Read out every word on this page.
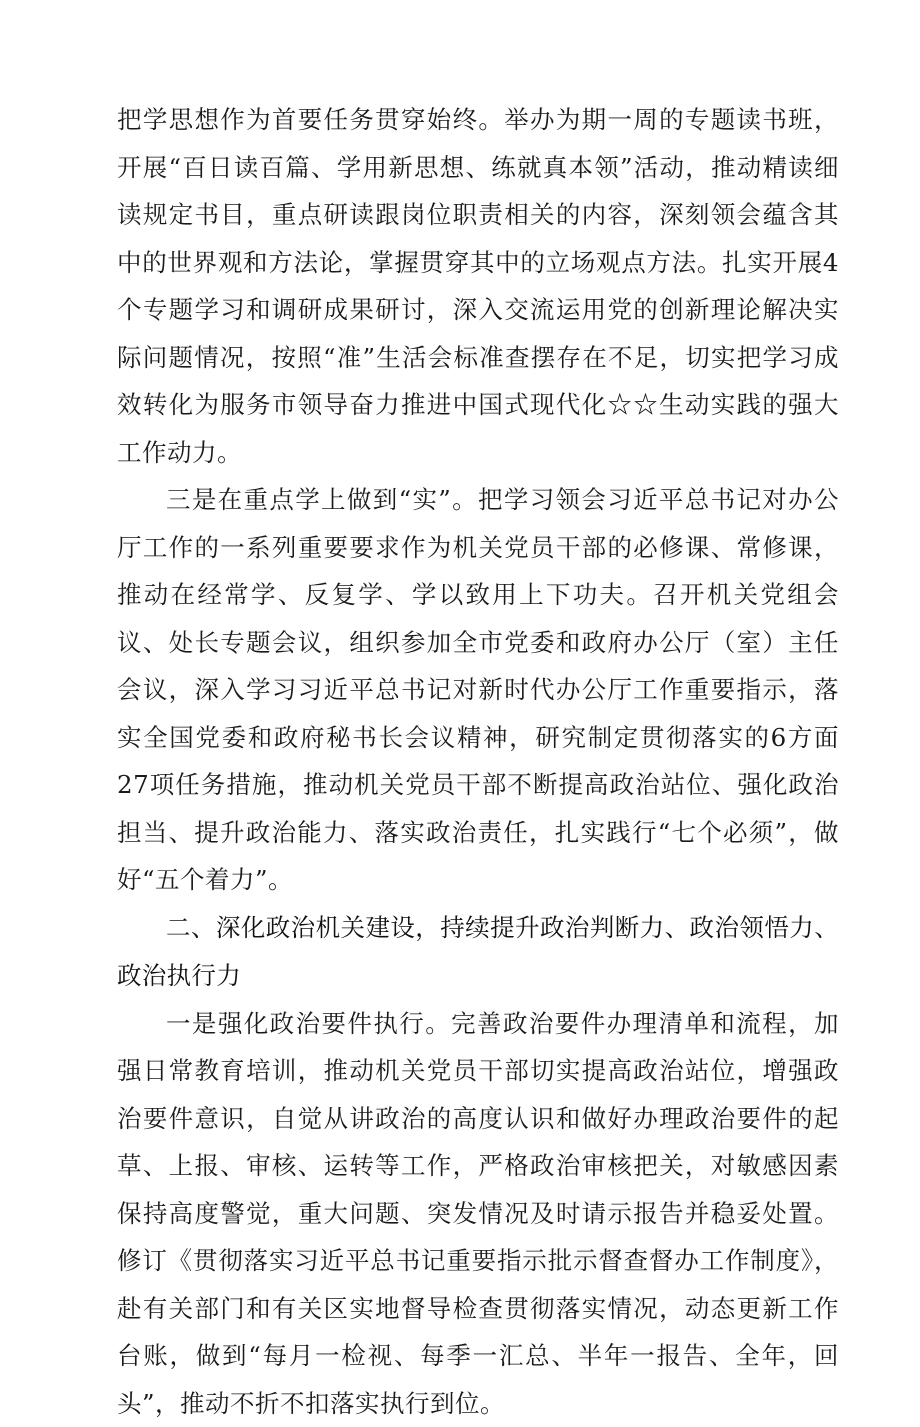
把学思想作为首要任务贯穿始终。举办为期一周的专题读书班，开展“百日读百篇、学用新思想、练就真本领”活动，推动精读细读规定书目，重点研读跟岗位职责相关的内容，深刻领会蕴含其中的世界观和方法论，掌握贯穿其中的立场观点方法。扎实开展4个专题学习和调研成果研讨，深入交流运用党的创新理论解决实际问题情况，按照“准”生活会标准查摆存在不足，切实把学习成效转化为服务市领导奋力推进中国式现代化☆☆生动实践的强大工作动力。

三是在重点学上做到“实”。把学习领会习近平总书记对办公厅工作的一系列重要要求作为机关党员干部的必修课、常修课，推动在经常学、反复学、学以致用上下功夫。召开机关党组会议、处长专题会议，组织参加全市党委和政府办公厅（室）主任会议，深入学习习近平总书记对新时代办公厅工作重要指示，落实全国党委和政府秘书长会议精神，研究制定贯彻落实的6方面27项任务措施，推动机关党员干部不断提高政治站位、强化政治担当、提升政治能力、落实政治责任，扎实践行“七个必须”，做好“五个着力”。

二、深化政治机关建设，持续提升政治判断力、政治领悟力、政治执行力

一是强化政治要件执行。完善政治要件办理清单和流程，加强日常教育培训，推动机关党员干部切实提高政治站位，增强政治要件意识，自觉从讲政治的高度认识和做好办理政治要件的起草、上报、审核、运转等工作，严格政治审核把关，对敏感因素保持高度警觉，重大问题、突发情况及时请示报告并稳妥处置。修订《贯彻落实习近平总书记重要指示批示督查督办工作制度》，赴有关部门和有关区实地督导检查贯彻落实情况，动态更新工作台账，做到“每月一检视、每季一汇总、半年一报告、全年，回头”，推动不折不扣落实执行到位。
